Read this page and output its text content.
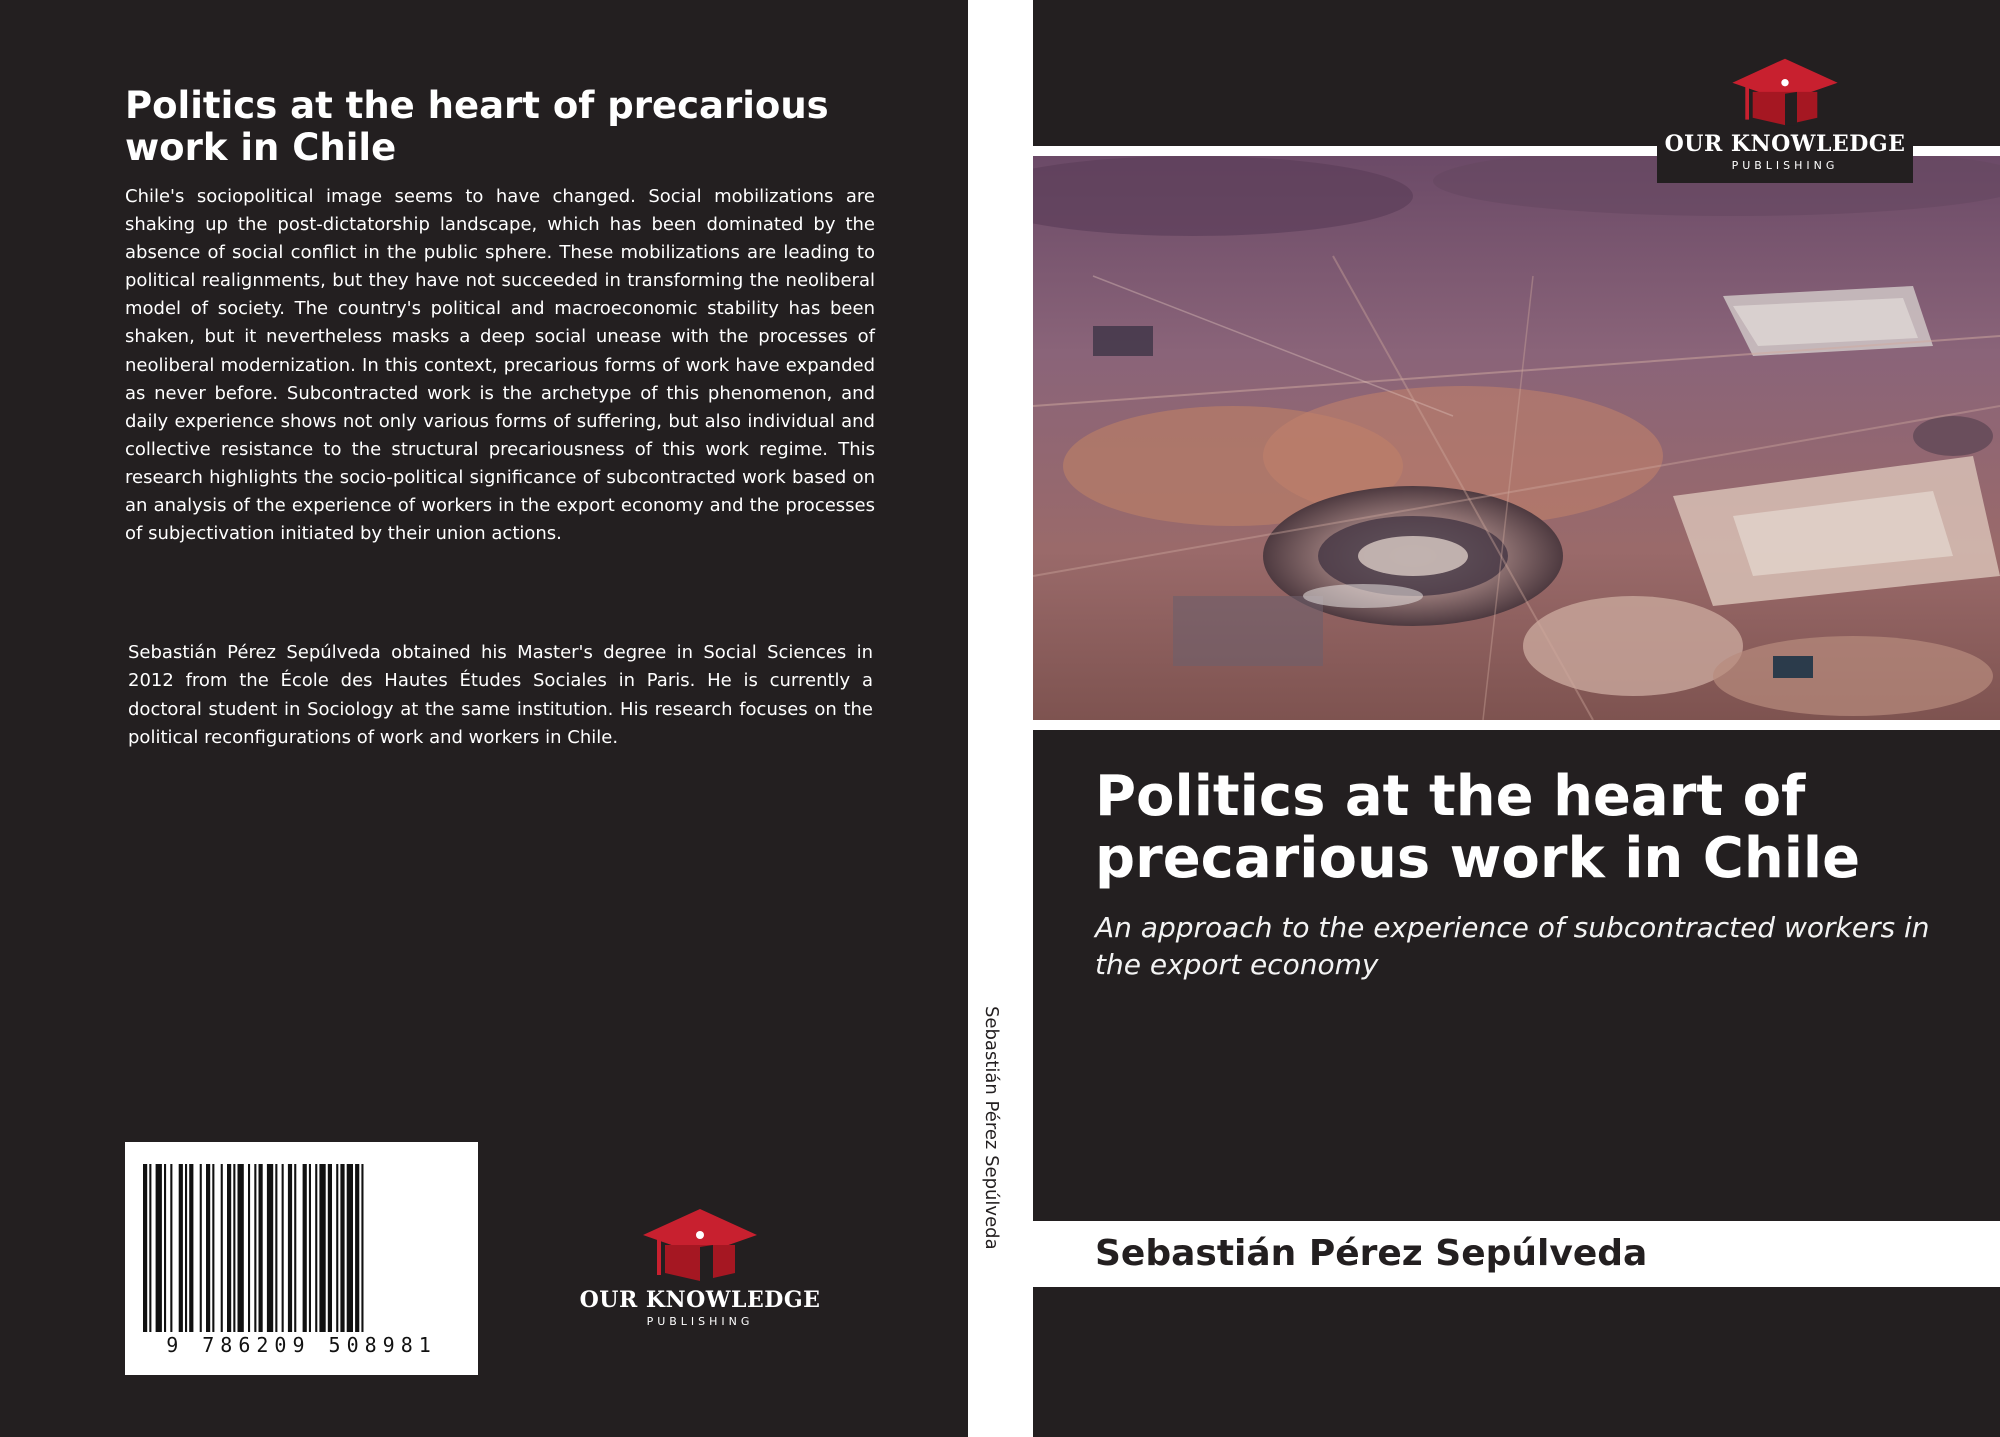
Politics at the heart of precarious work in Chile

Chile's sociopolitical image seems to have changed. Social mobilizations are shaking up the post-dictatorship landscape, which has been dominated by the absence of social conflict in the public sphere. These mobilizations are leading to political realignments, but they have not succeeded in transforming the neoliberal model of society. The country's political and macroeconomic stability has been shaken, but it nevertheless masks a deep social unease with the processes of neoliberal modernization. In this context, precarious forms of work have expanded as never before. Subcontracted work is the archetype of this phenomenon, and daily experience shows not only various forms of suffering, but also individual and collective resistance to the structural precariousness of this work regime. This research highlights the socio-political significance of subcontracted work based on an analysis of the experience of workers in the export economy and the processes of subjectivation initiated by their union actions.

Sebastián Pérez Sepúlveda obtained his Master's degree in Social Sciences in 2012 from the École des Hautes Études Sociales in Paris. He is currently a doctoral student in Sociology at the same institution. His research focuses on the political reconfigurations of work and workers in Chile.

9 786209 508981
OUR KNOWLEDGE
PUBLISHING
Sebastián Pérez Sepúlveda
OUR KNOWLEDGE
PUBLISHING
Politics at the heart of precarious work in Chile

An approach to the experience of subcontracted workers in the export economy

Sebastián Pérez Sepúlveda
